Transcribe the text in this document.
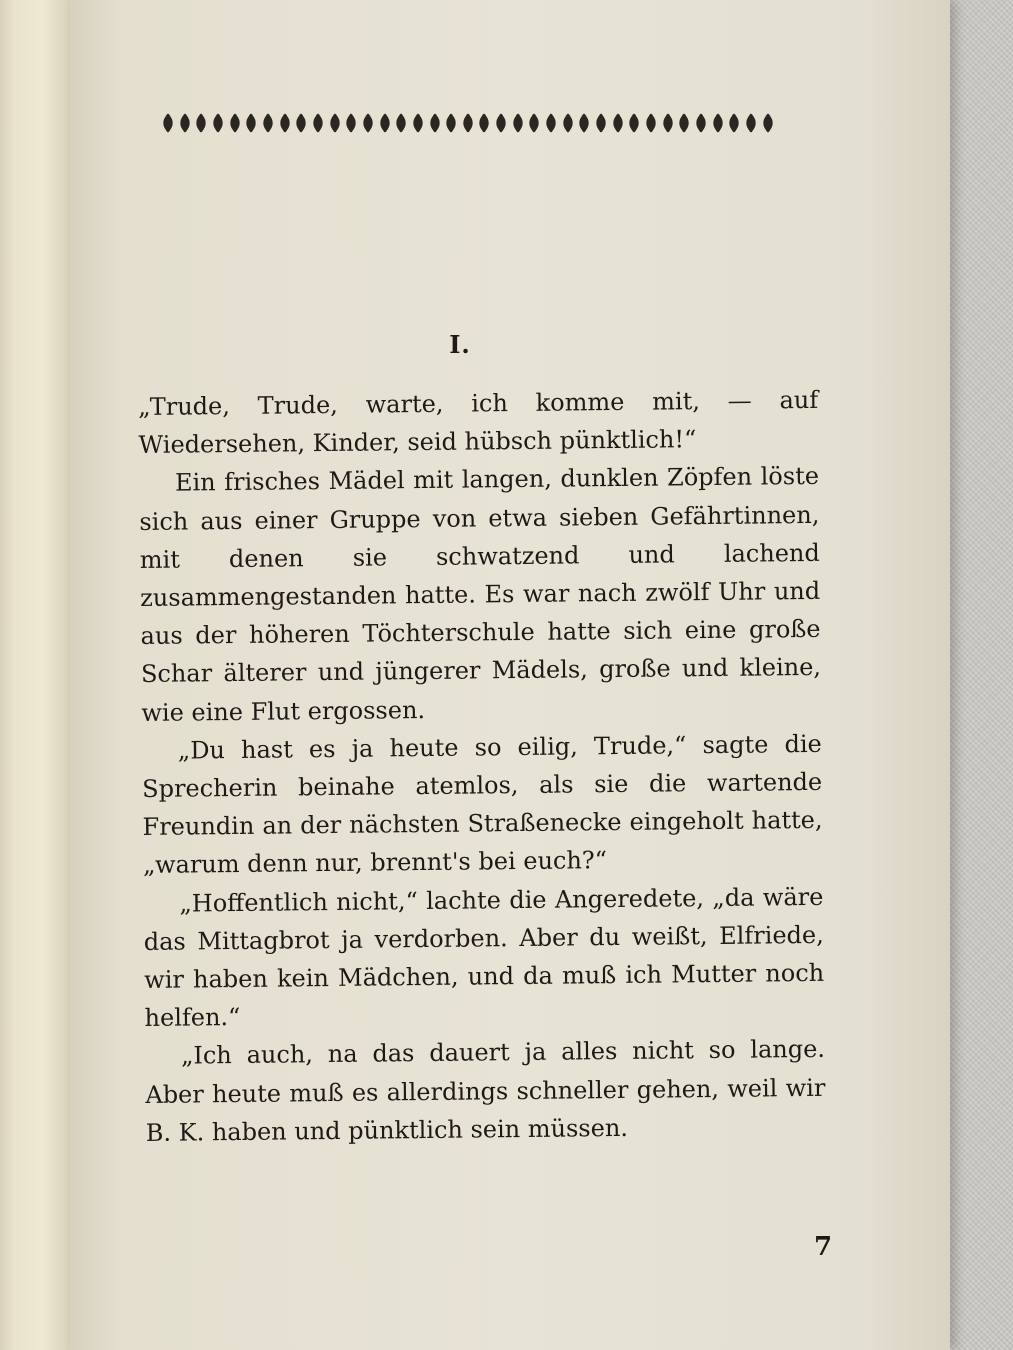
I.

„Trude, Trude, warte, ich komme mit, — auf Wiedersehen, Kinder, seid hübsch pünktlich!“

Ein frisches Mädel mit langen, dunklen Zöpfen löste sich aus einer Gruppe von etwa sieben Gefährtinnen, mit denen sie schwatzend und lachend zusammengestanden hatte. Es war nach zwölf Uhr und aus der höheren Töchterschule hatte sich eine große Schar älterer und jüngerer Mädels, große und kleine, wie eine Flut ergossen.

„Du hast es ja heute so eilig, Trude,“ sagte die Sprecherin beinahe atemlos, als sie die wartende Freundin an der nächsten Straßenecke eingeholt hatte, „warum denn nur, brennt's bei euch?“

„Hoffentlich nicht,“ lachte die Angeredete, „da wäre das Mittagbrot ja verdorben. Aber du weißt, Elfriede, wir haben kein Mädchen, und da muß ich Mutter noch helfen.“

„Ich auch, na das dauert ja alles nicht so lange. Aber heute muß es allerdings schneller gehen, weil wir B. K. haben und pünktlich sein müssen.

7
